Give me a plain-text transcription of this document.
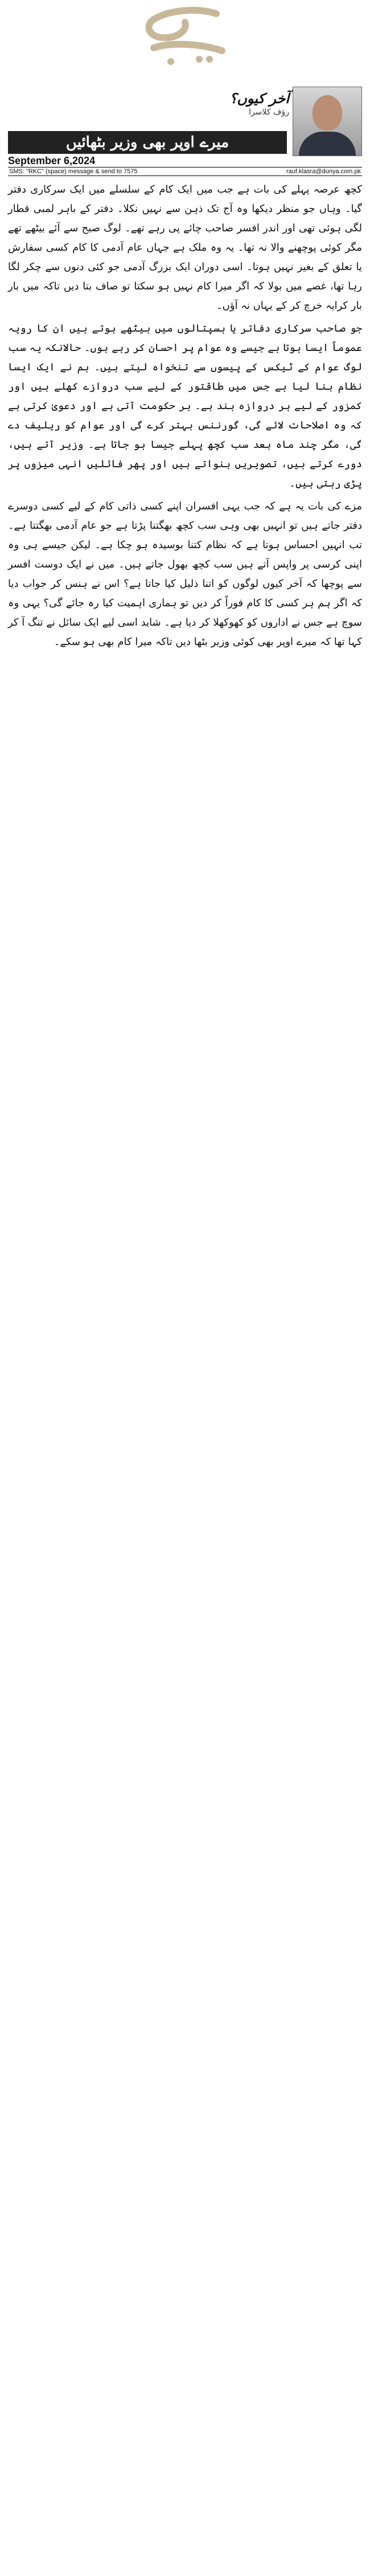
آخر کیوں؟
رؤف کلاسرا
میرے اوپر بھی وزیر بٹھائیں
September 6,2024
SMS: "RKC" (space) message & send to 7575	rauf.klasra@dunya.com.pk

کچھ عرصہ پہلے کی بات ہے جب میں ایک کام کے سلسلے میں ایک سرکاری دفتر گیا۔ وہاں جو منظر دیکھا وہ آج تک ذہن سے نہیں نکلا۔ دفتر کے باہر لمبی قطار لگی ہوئی تھی اور اندر افسر صاحب چائے پی رہے تھے۔ لوگ صبح سے آئے بیٹھے تھے مگر کوئی پوچھنے والا نہ تھا۔ یہ وہ ملک ہے جہاں عام آدمی کا کام کسی سفارش یا تعلق کے بغیر نہیں ہوتا۔ اسی دوران ایک بزرگ آدمی جو کئی دنوں سے چکر لگا رہا تھا، غصے میں بولا کہ اگر میرا کام نہیں ہو سکتا تو صاف بتا دیں تاکہ میں بار بار کرایہ خرچ کر کے یہاں نہ آؤں۔

جو صاحب سرکاری دفاتر یا ہسپتالوں میں بیٹھے ہوتے ہیں ان کا رویہ عموماً ایسا ہوتا ہے جیسے وہ عوام پر احسان کر رہے ہوں۔ حالانکہ یہ سب لوگ عوام کے ٹیکس کے پیسوں سے تنخواہ لیتے ہیں۔ ہم نے ایک ایسا نظام بنا لیا ہے جس میں طاقتور کے لیے سب دروازے کھلے ہیں اور کمزور کے لیے ہر دروازہ بند ہے۔ ہر حکومت آتی ہے اور دعویٰ کرتی ہے کہ وہ اصلاحات لائے گی، گورننس بہتر کرے گی اور عوام کو ریلیف دے گی، مگر چند ماہ بعد سب کچھ پہلے جیسا ہو جاتا ہے۔ وزیر آتے ہیں، دورے کرتے ہیں، تصویریں بنواتے ہیں اور پھر فائلیں انہی میزوں پر پڑی رہتی ہیں۔

مزے کی بات یہ ہے کہ جب یہی افسران اپنے کسی ذاتی کام کے لیے کسی دوسرے دفتر جاتے ہیں تو انہیں بھی وہی سب کچھ بھگتنا پڑتا ہے جو عام آدمی بھگتتا ہے۔ تب انہیں احساس ہوتا ہے کہ نظام کتنا بوسیدہ ہو چکا ہے۔ لیکن جیسے ہی وہ اپنی کرسی پر واپس آتے ہیں سب کچھ بھول جاتے ہیں۔ میں نے ایک دوست افسر سے پوچھا کہ آخر کیوں لوگوں کو اتنا ذلیل کیا جاتا ہے؟ اس نے ہنس کر جواب دیا کہ اگر ہم ہر کسی کا کام فوراً کر دیں تو ہماری اہمیت کیا رہ جائے گی؟ یہی وہ سوچ ہے جس نے اداروں کو کھوکھلا کر دیا ہے۔ شاید اسی لیے ایک سائل نے تنگ آ کر کہا تھا کہ میرے اوپر بھی کوئی وزیر بٹھا دیں تاکہ میرا کام بھی ہو سکے۔
